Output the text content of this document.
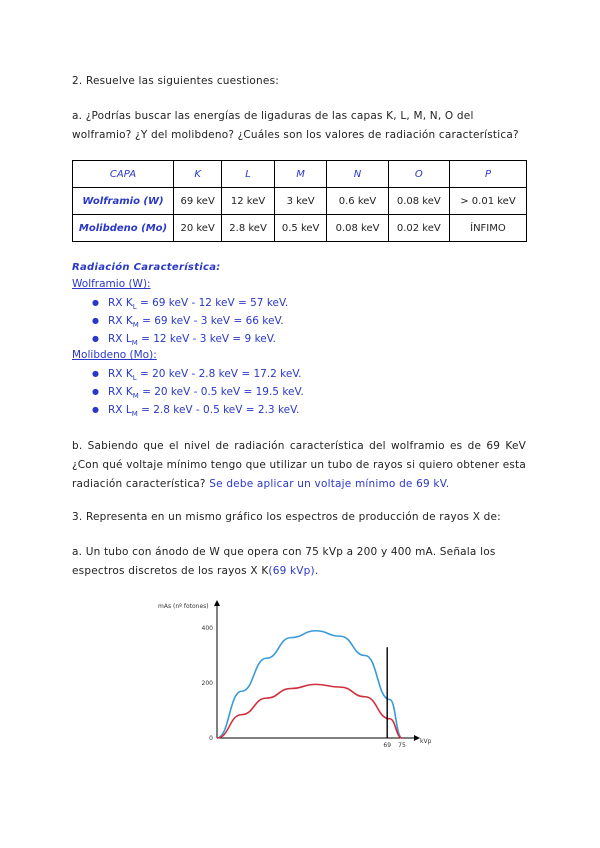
2. Resuelve las siguientes cuestiones:

a. ¿Podrías buscar las energías de ligaduras de las capas K, L, M, N, O del wolframio? ¿Y del molibdeno? ¿Cuáles son los valores de radiación característica?

CAPA	K	L	M	N	O	P
Wolframio (W)	69 keV	12 keV	3 keV	0.6 keV	0.08 keV	> 0.01 keV
Molibdeno (Mo)	20 keV	2.8 keV	0.5 keV	0.08 keV	0.02 keV	ÍNFIMO
Radiación Característica:
Wolframio (W):
● RX $K_L = 69$ keV - 12 keV = 57 keV.
● RX $K_M = 69$ keV - 3 keV = 66 keV.
● RX $L_M = 12$ keV - 3 keV = 9 keV.
Molibdeno (Mo):
● RX $K_L = 20$ keV - 2.8 keV = 17.2 keV.
● RX $K_M = 20$ keV - 0.5 keV = 19.5 keV.
● RX $L_M = 2.8$ keV - 0.5 keV = 2.3 keV.

b. Sabiendo que el nivel de radiación característica del wolframio es de 69 KeV ¿Con qué voltaje mínimo tengo que utilizar un tubo de rayos si quiero obtener esta radiación característica? Se debe aplicar un voltaje mínimo de 69 kV.

3. Representa en un mismo gráfico los espectros de producción de rayos X de:

a. Un tubo con ánodo de W que opera con 75 kVp a 200 y 400 mA. Señala los espectros discretos de los rayos X K(69 kVp).

mAs (nº fotones)
kVp
400
200
0
69 75
